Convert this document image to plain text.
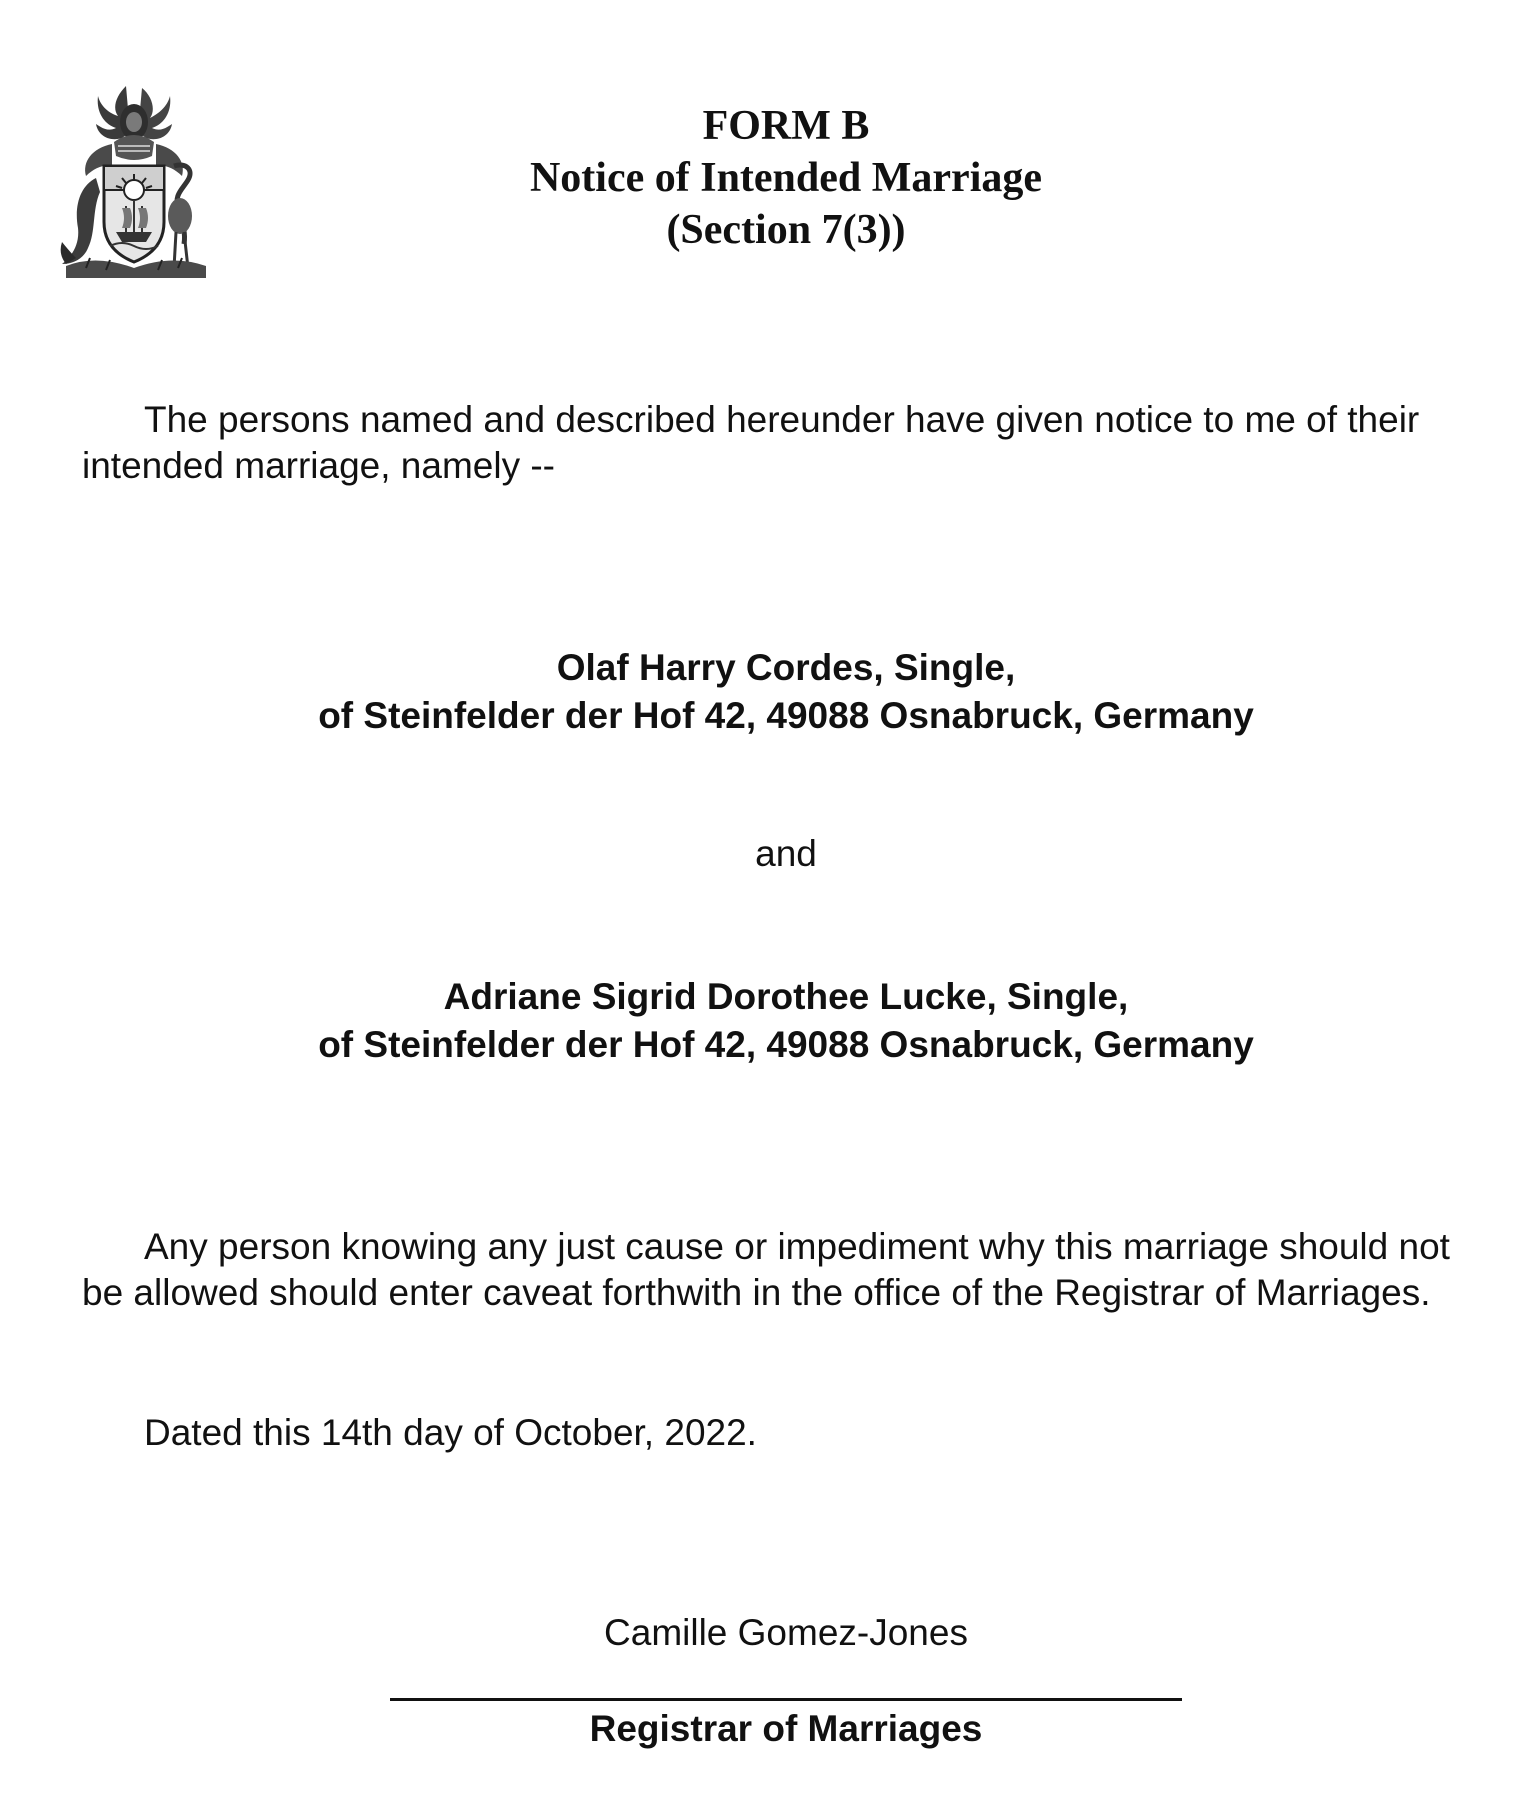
FORM B
Notice of Intended Marriage
(Section 7(3))
The persons named and described hereunder have given notice to me of their intended marriage, namely --
Olaf Harry Cordes, Single,
of Steinfelder der Hof 42, 49088 Osnabruck, Germany
and
Adriane Sigrid Dorothee Lucke, Single,
of Steinfelder der Hof 42, 49088 Osnabruck, Germany
Any person knowing any just cause or impediment why this marriage should not be allowed should enter caveat forthwith in the office of the Registrar of Marriages.
Dated this 14th day of October, 2022.
Camille Gomez-Jones
Registrar of Marriages
